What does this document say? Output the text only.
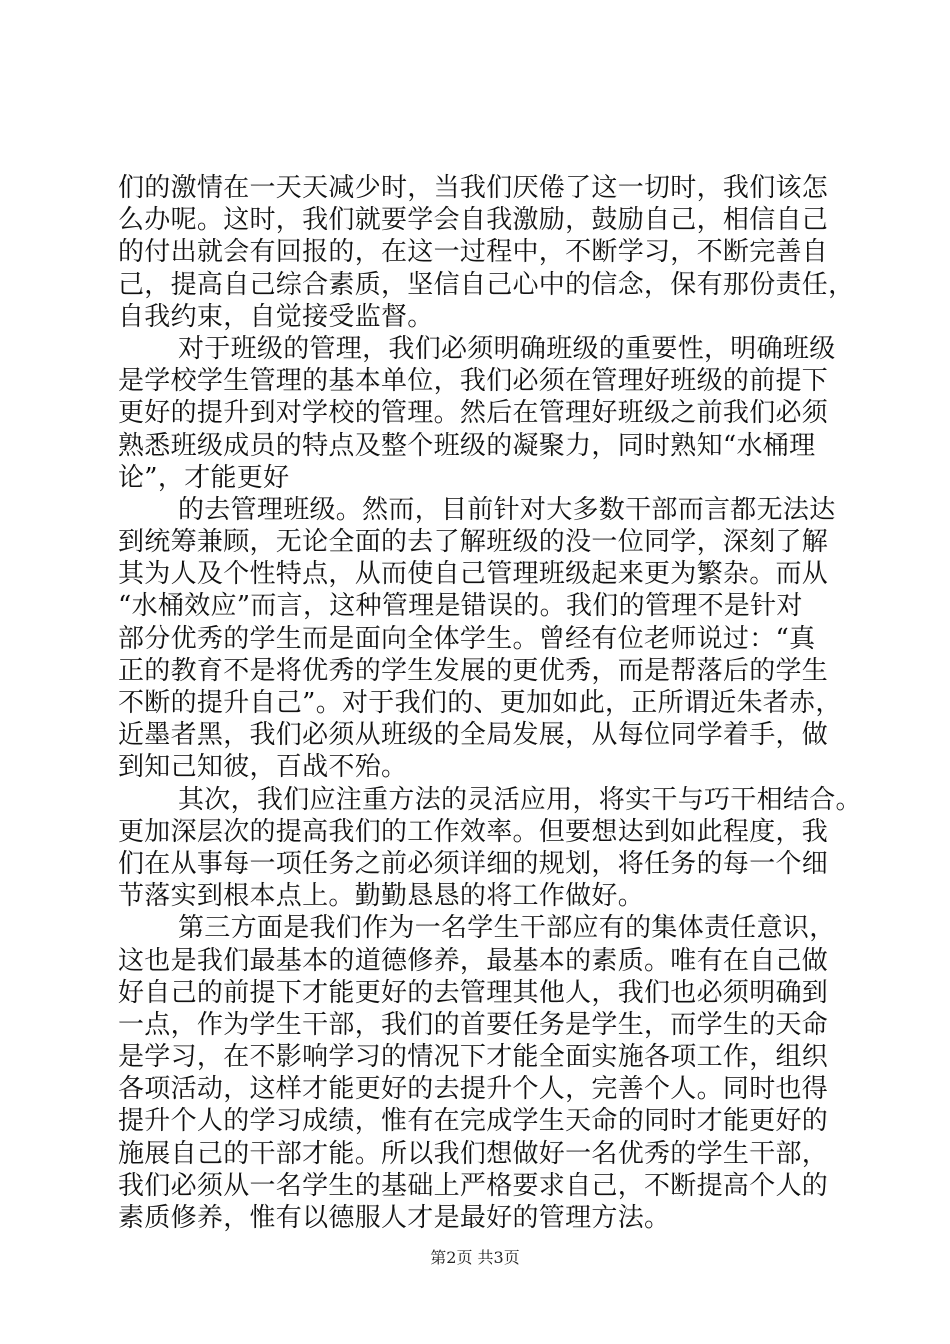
们的激情在一天天减少时，当我们厌倦了这一切时，我们该怎
么办呢。这时，我们就要学会自我激励，鼓励自己，相信自己
的付出就会有回报的，在这一过程中，不断学习，不断完善自
己，提高自己综合素质，坚信自己心中的信念，保有那份责任，
自我约束，自觉接受监督。
对于班级的管理，我们必须明确班级的重要性，明确班级
是学校学生管理的基本单位，我们必须在管理好班级的前提下
更好的提升到对学校的管理。然后在管理好班级之前我们必须
熟悉班级成员的特点及整个班级的凝聚力，同时熟知“水桶理
论”，才能更好
的去管理班级。然而，目前针对大多数干部而言都无法达
到统筹兼顾，无论全面的去了解班级的没一位同学，深刻了解
其为人及个性特点，从而使自己管理班级起来更为繁杂。而从
“水桶效应”而言，这种管理是错误的。我们的管理不是针对
部分优秀的学生而是面向全体学生。曾经有位老师说过：“真
正的教育不是将优秀的学生发展的更优秀，而是帮落后的学生
不断的提升自己”。对于我们的、更加如此，正所谓近朱者赤，
近墨者黑，我们必须从班级的全局发展，从每位同学着手，做
到知己知彼，百战不殆。
其次，我们应注重方法的灵活应用，将实干与巧干相结合。
更加深层次的提高我们的工作效率。但要想达到如此程度，我
们在从事每一项任务之前必须详细的规划，将任务的每一个细
节落实到根本点上。勤勤恳恳的将工作做好。
第三方面是我们作为一名学生干部应有的集体责任意识，
这也是我们最基本的道德修养，最基本的素质。唯有在自己做
好自己的前提下才能更好的去管理其他人，我们也必须明确到
一点，作为学生干部，我们的首要任务是学生，而学生的天命
是学习，在不影响学习的情况下才能全面实施各项工作，组织
各项活动，这样才能更好的去提升个人，完善个人。同时也得
提升个人的学习成绩，惟有在完成学生天命的同时才能更好的
施展自己的干部才能。所以我们想做好一名优秀的学生干部，
我们必须从一名学生的基础上严格要求自己，不断提高个人的
素质修养，惟有以德服人才是最好的管理方法。
第2页 共3页
